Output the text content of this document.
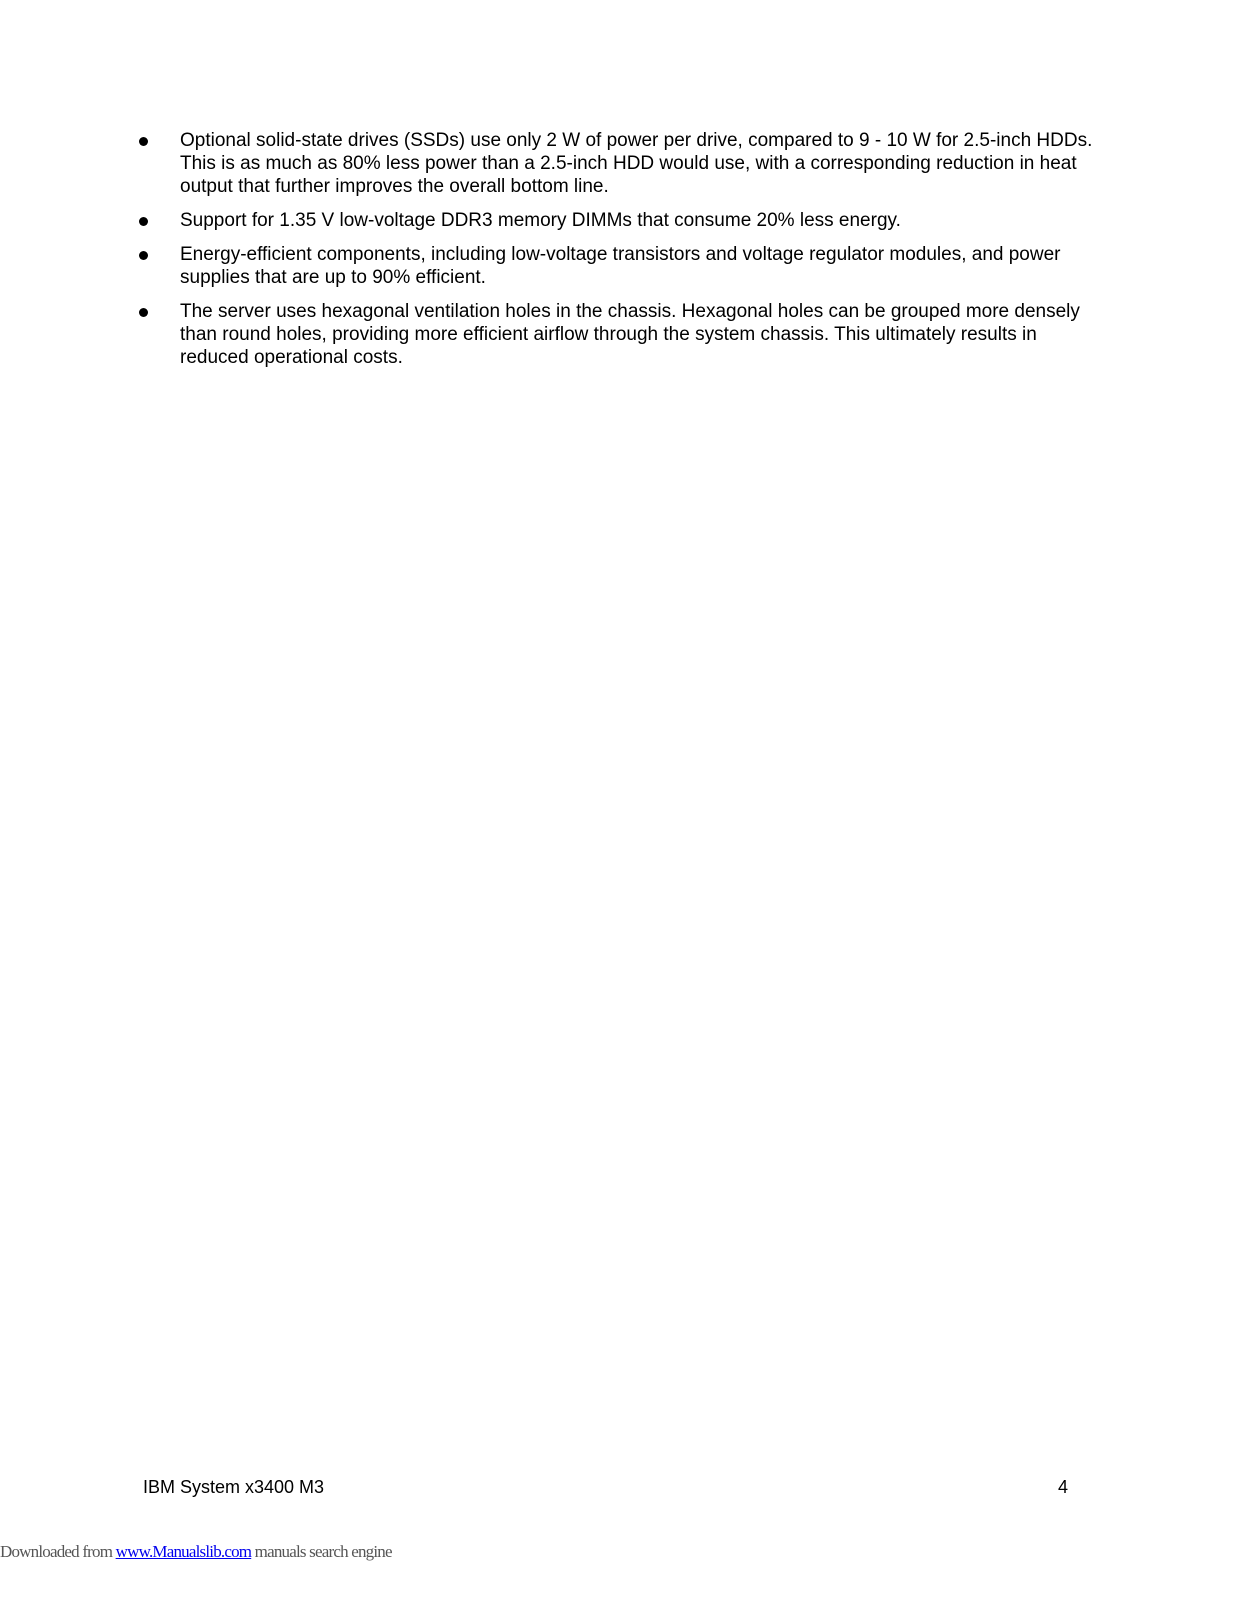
Optional solid-state drives (SSDs) use only 2 W of power per drive, compared to 9 - 10 W for 2.5-inch HDDs. This is as much as 80% less power than a 2.5-inch HDD would use, with a corresponding reduction in heat output that further improves the overall bottom line.
Support for 1.35 V low-voltage DDR3 memory DIMMs that consume 20% less energy.
Energy-efficient components, including low-voltage transistors and voltage regulator modules, and power supplies that are up to 90% efficient.
The server uses hexagonal ventilation holes in the chassis. Hexagonal holes can be grouped more densely than round holes, providing more efficient airflow through the system chassis. This ultimately results in reduced operational costs.
IBM System x3400 M3	4
Downloaded from www.Manualslib.com manuals search engine
